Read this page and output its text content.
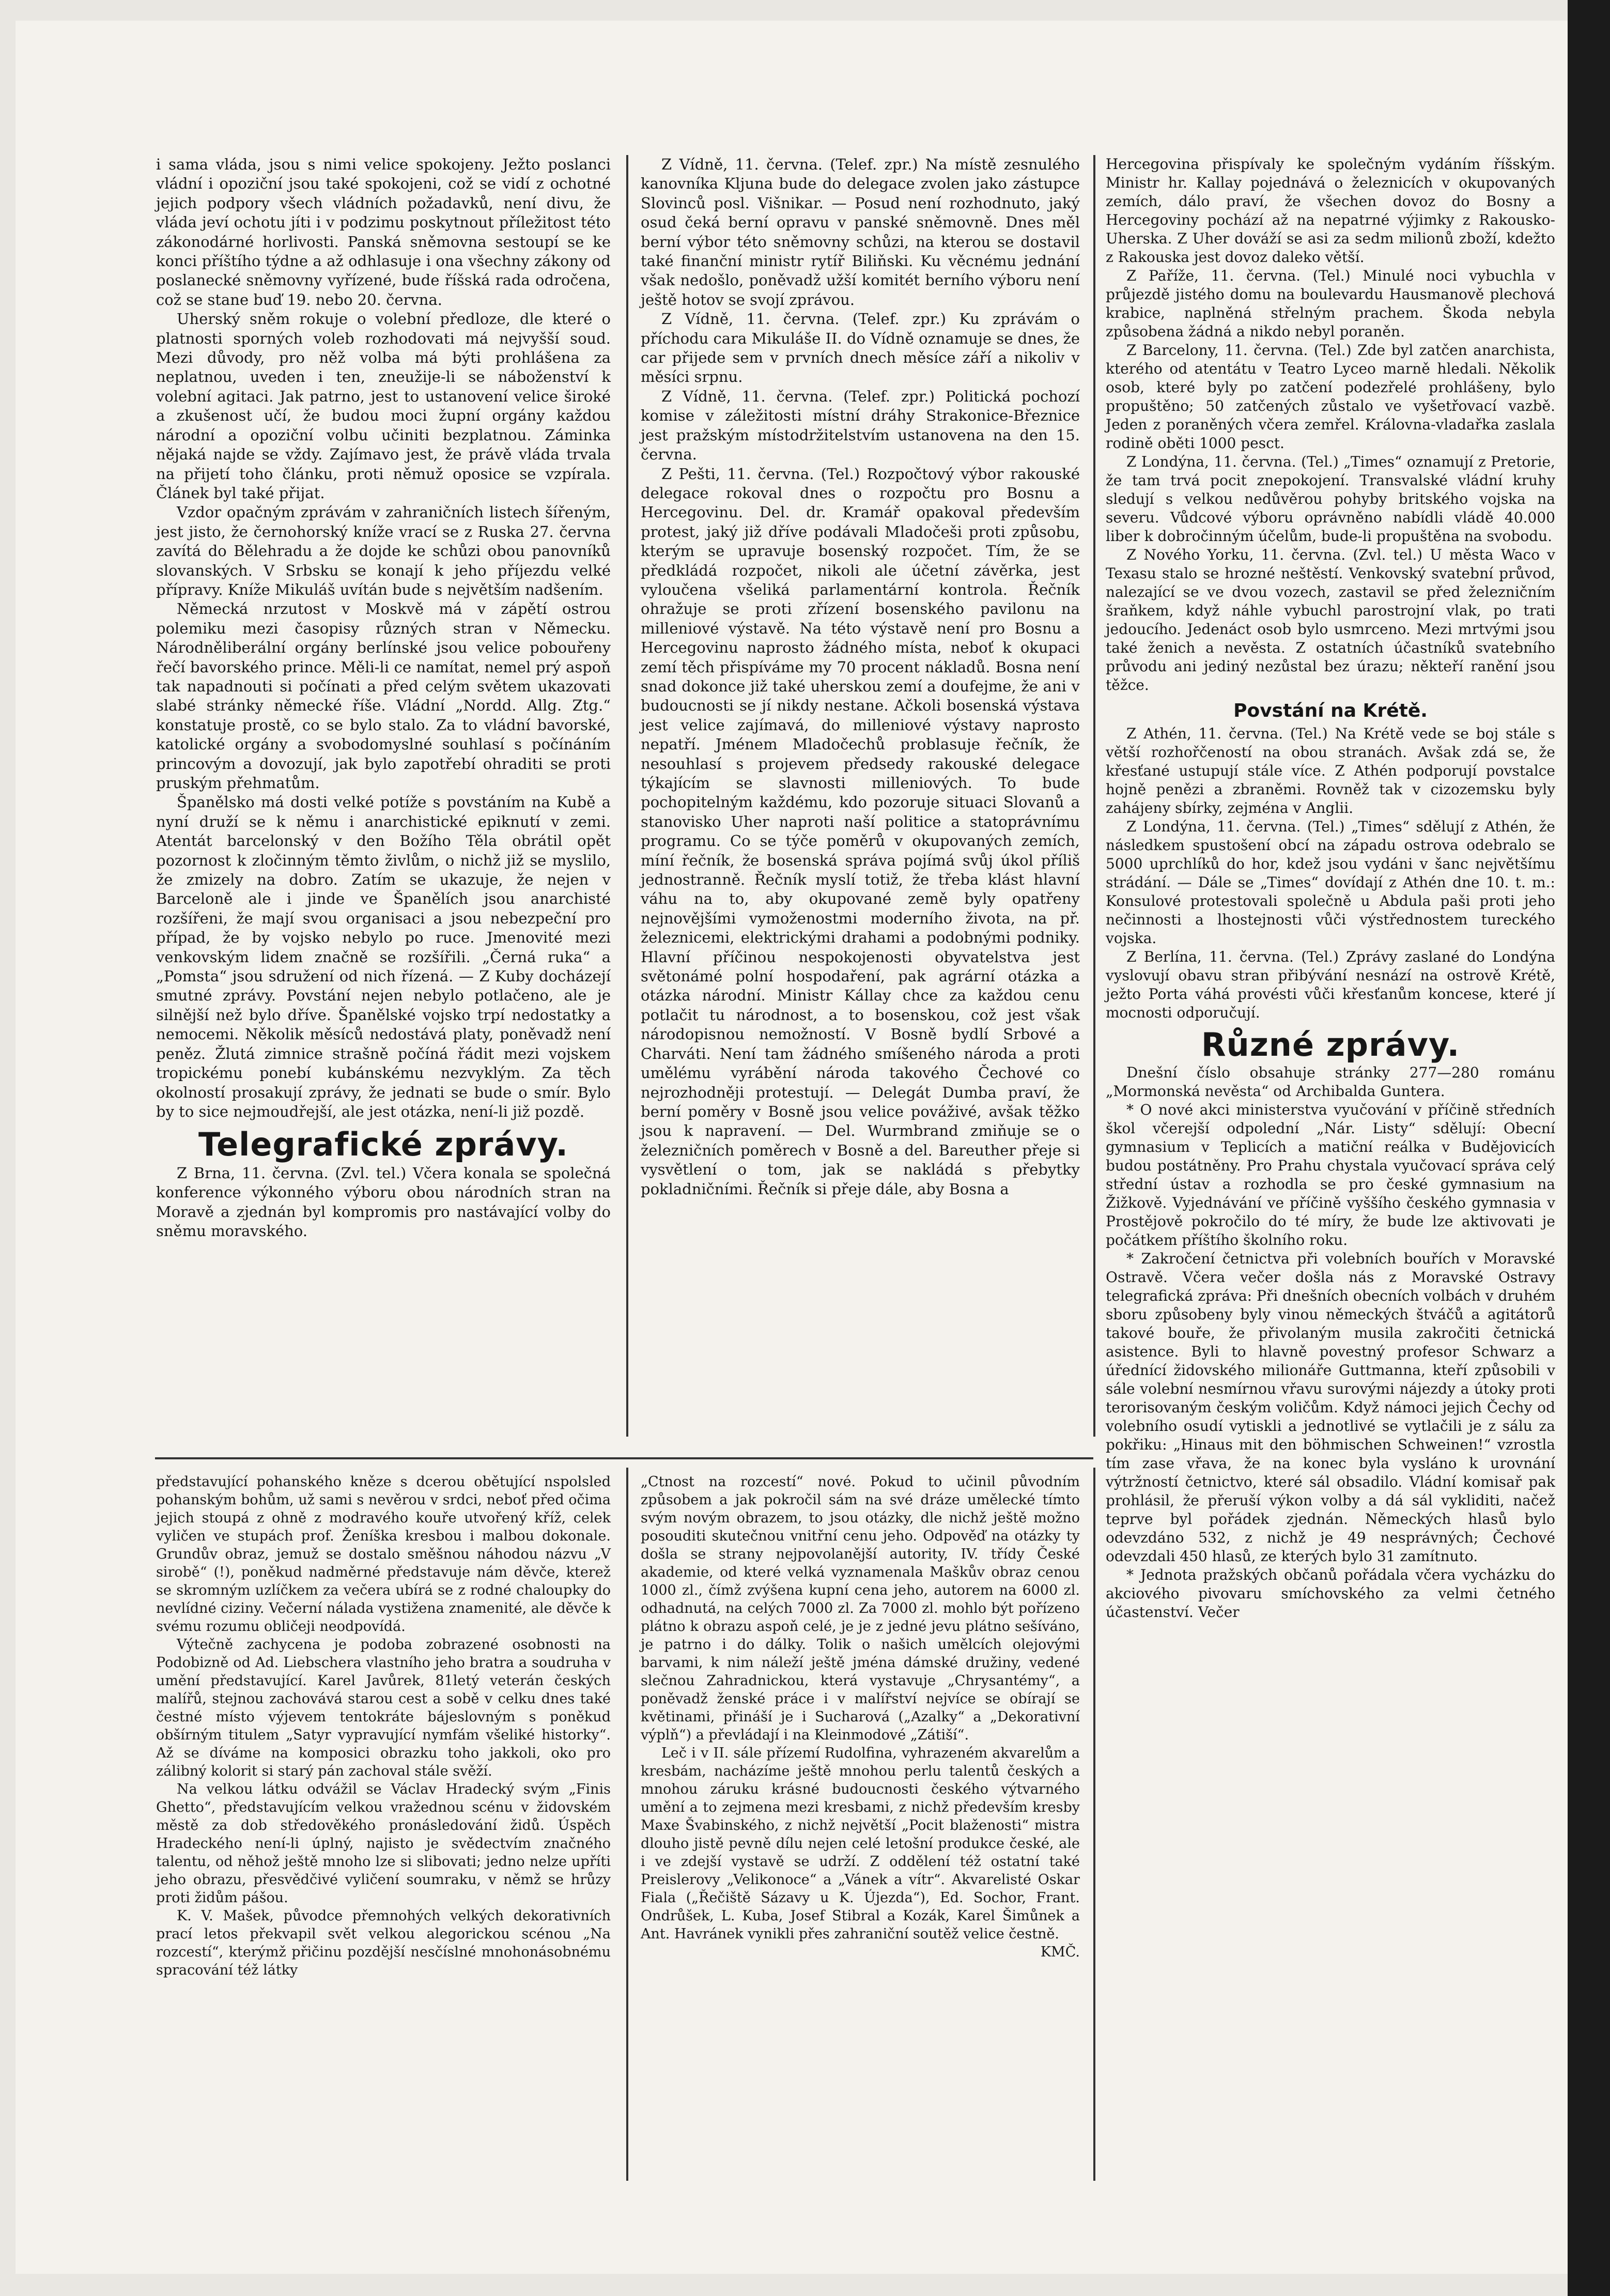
i sama vláda, jsou s nimi velice spokojeny. Ježto poslanci vládní i opoziční jsou také spokojeni, což se vidí z ochotné jejich podpory všech vládních požadavků, není divu, že vláda jeví ochotu jíti i v podzimu poskytnout příležitost této zákonodárné horlivosti. Panská sněmovna sestoupí se ke konci příštího týdne a až odhlasuje i ona všechny zákony od poslanecké sněmovny vyřízené, bude říšská rada odročena, což se stane buď 19. nebo 20. června.

Uherský sněm rokuje o volební předloze, dle které o platnosti sporných voleb rozhodovati má nejvyšší soud. Mezi důvody, pro něž volba má býti prohlášena za neplatnou, uveden i ten, zneužije-li se náboženství k volební agitaci. Jak patrno, jest to ustanovení velice široké a zkušenost učí, že budou moci župní orgány každou národní a opoziční volbu učiniti bezplatnou. Záminka nějaká najde se vždy. Zajímavo jest, že právě vláda trvala na přijetí toho článku, proti němuž oposice se vzpírala. Článek byl také přijat.

Vzdor opačným zprávám v zahraničních listech šířeným, jest jisto, že černohorský kníže vrací se z Ruska 27. června zavítá do Bělehradu a že dojde ke schůzi obou panovníků slovanských. V Srbsku se konají k jeho příjezdu velké přípravy. Kníže Mikuláš uvítán bude s největším nadšením.

Německá nrzutost v Moskvě má v zápětí ostrou polemiku mezi časopisy různých stran v Německu. Národněliberální orgány berlínské jsou velice pobouřeny řečí bavorského prince. Měli-li ce namítat, nemel prý aspoň tak napadnouti si počínati a před celým světem ukazovati slabé stránky německé říše. Vládní „Nordd. Allg. Ztg.“ konstatuje prostě, co se bylo stalo. Za to vládní bavorské, katolické orgány a svobodomyslné souhlasí s počínáním princovým a dovozují, jak bylo zapotřebí ohraditi se proti pruským přehmatům.

Španělsko má dosti velké potíže s povstáním na Kubě a nyní druží se k němu i anarchistické epiknutí v zemi. Atentát barcelonský v den Božího Těla obrátil opět pozornost k zločinným těmto živlům, o nichž již se myslilo, že zmizely na dobro. Zatím se ukazuje, že nejen v Barceloně ale i jinde ve Španělích jsou anarchisté rozšířeni, že mají svou organisaci a jsou nebezpeční pro případ, že by vojsko nebylo po ruce. Jmenovité mezi venkovským lidem značně se rozšířili. „Černá ruka“ a „Pomsta“ jsou sdružení od nich řízená. — Z Kuby docházejí smutné zprávy. Povstání nejen nebylo potlačeno, ale je silnější než bylo dříve. Španělské vojsko trpí nedostatky a nemocemi. Několik měsíců nedostává platy, poněvadž není peněz. Žlutá zimnice strašně počíná řádit mezi vojskem tropickému ponebí kubánskému nezvyklým. Za těch okolností prosakují zprávy, že jednati se bude o smír. Bylo by to sice nejmoudřejší, ale jest otázka, není-li již pozdě.

Telegrafické zprávy.

Z Brna, 11. června. (Zvl. tel.) Včera konala se společná konference výkonného výboru obou národních stran na Moravě a zjednán byl kompromis pro nastávající volby do sněmu moravského.

Z Vídně, 11. června. (Telef. zpr.) Na místě zesnulého kanovníka Kljuna bude do delegace zvolen jako zástupce Slovinců posl. Višnikar. — Posud není rozhodnuto, jaký osud čeká berní opravu v panské sněmovně. Dnes měl berní výbor této sněmovny schůzi, na kterou se dostavil také finanční ministr rytíř Biliňski. Ku věcnému jednání však nedošlo, poněvadž užší komitét berního výboru není ještě hotov se svojí zprávou.

Z Vídně, 11. června. (Telef. zpr.) Ku zprávám o příchodu cara Mikuláše II. do Vídně oznamuje se dnes, že car přijede sem v prvních dnech měsíce září a nikoliv v měsíci srpnu.

Z Vídně, 11. června. (Telef. zpr.) Politická pochozí komise v záležitosti místní dráhy Strakonice-Březnice jest pražským místodržitelstvím ustanovena na den 15. června.

Z Pešti, 11. června. (Tel.) Rozpočtový výbor rakouské delegace rokoval dnes o rozpočtu pro Bosnu a Hercegovinu. Del. dr. Kramář opakoval především protest, jaký již dříve podávali Mladočeši proti způsobu, kterým se upravuje bosenský rozpočet. Tím, že se předkládá rozpočet, nikoli ale účetní závěrka, jest vyloučena všeliká parlamentární kontrola. Řečník ohražuje se proti zřízení bosenského pavilonu na milleniové výstavě. Na této výstavě není pro Bosnu a Hercegovinu naprosto žádného místa, neboť k okupaci zemí těch přispíváme my 70 procent nákladů. Bosna není snad dokonce již také uherskou zemí a doufejme, že ani v budoucnosti se jí nikdy nestane. Ačkoli bosenská výstava jest velice zajímavá, do milleniové výstavy naprosto nepatří. Jménem Mladočechů problasuje řečník, že nesouhlasí s projevem předsedy rakouské delegace týkajícím se slavnosti milleniových. To bude pochopitelným každému, kdo pozoruje situaci Slovanů a stanovisko Uher naproti naší politice a statoprávnímu programu. Co se týče poměrů v okupovaných zemích, míní řečník, že bosenská správa pojímá svůj úkol příliš jednostranně. Řečník myslí totiž, že třeba klást hlavní váhu na to, aby okupované země byly opatřeny nejnovějšími vymoženostmi moderního života, na př. železnicemi, elektrickými drahami a podobnými podniky. Hlavní příčinou nespokojenosti obyvatelstva jest světonámé polní hospodaření, pak agrární otázka a otázka národní. Ministr Kállay chce za každou cenu potlačit tu národnost, a to bosenskou, což jest však národopisnou nemožností. V Bosně bydlí Srbové a Charváti. Není tam žádného smíšeného národa a proti umělému vyrábění národa takového Čechové co nejrozhodněji protestují. — Delegát Dumba praví, že berní poměry v Bosně jsou velice pováživé, avšak těžko jsou k napravení. — Del. Wurmbrand zmiňuje se o železničních poměrech v Bosně a del. Bareuther přeje si vysvětlení o tom, jak se nakládá s přebytky pokladničními. Řečník si přeje dále, aby Bosna a

Hercegovina přispívaly ke společným vydáním říšským. Ministr hr. Kallay pojednává o železnicích v okupovaných zemích, dálo praví, že všechen dovoz do Bosny a Hercegoviny pochází až na nepatrné výjimky z Rakousko-Uherska. Z Uher dováží se asi za sedm milionů zboží, kdežto z Rakouska jest dovoz daleko větší.

Z Paříže, 11. června. (Tel.) Minulé noci vybuchla v průjezdě jistého domu na boulevardu Hausmanově plechová krabice, naplněná střelným prachem. Škoda nebyla způsobena žádná a nikdo nebyl poraněn.

Z Barcelony, 11. června. (Tel.) Zde byl zatčen anarchista, kterého od atentátu v Teatro Lyceo marně hledali. Několik osob, které byly po zatčení podezřelé prohlášeny, bylo propuštěno; 50 zatčených zůstalo ve vyšetřovací vazbě. Jeden z poraněných včera zemřel. Královna-vladařka zaslala rodině oběti 1000 pesct.

Z Londýna, 11. června. (Tel.) „Times“ oznamují z Pretorie, že tam trvá pocit znepokojení. Transvalské vládní kruhy sledují s velkou nedůvěrou pohyby britského vojska na severu. Vůdcové výboru oprávněno nabídli vládě 40.000 liber k dobročinným účelům, bude-li propuštěna na svobodu.

Z Nového Yorku, 11. června. (Zvl. tel.) U města Waco v Texasu stalo se hrozné neštěstí. Venkovský svatební průvod, nalezající se ve dvou vozech, zastavil se před železničním šraňkem, když náhle vybuchl parostrojní vlak, po trati jedoucího. Jedenáct osob bylo usmrceno. Mezi mrtvými jsou také ženich a nevěsta. Z ostatních účastníků svatebního průvodu ani jediný nezůstal bez úrazu; někteří ranění jsou těžce.

Povstání na Krétě.

Z Athén, 11. června. (Tel.) Na Krétě vede se boj stále s větší rozhořčeností na obou stranách. Avšak zdá se, že křesťané ustupují stále více. Z Athén podporují povstalce hojně penězi a zbraněmi. Rovněž tak v cizozemsku byly zahájeny sbírky, zejména v Anglii.

Z Londýna, 11. června. (Tel.) „Times“ sdělují z Athén, že následkem spustošení obcí na západu ostrova odebralo se 5000 uprchlíků do hor, kdež jsou vydáni v šanc největšímu strádání. — Dále se „Times“ dovídají z Athén dne 10. t. m.: Konsulové protestovali společně u Abdula paši proti jeho nečinnosti a lhostejnosti vůči výstřednostem tureckého vojska.

Z Berlína, 11. června. (Tel.) Zprávy zaslané do Londýna vyslovují obavu stran přibývání nesnází na ostrově Krétě, ježto Porta váhá provésti vůči křesťanům koncese, které jí mocnosti odporučují.

Různé zprávy.

Dnešní číslo obsahuje stránky 277—280 románu „Mormonská nevěsta“ od Archibalda Guntera.

* O nové akci ministerstva vyučování v příčině středních škol včerejší odpolední „Nár. Listy“ sdělují: Obecní gymnasium v Teplicích a matiční reálka v Budějovicích budou postátněny. Pro Prahu chystala vyučovací správa celý střední ústav a rozhodla se pro české gymnasium na Žižkově. Vyjednávání ve příčině vyššího českého gymnasia v Prostějově pokročilo do té míry, že bude lze aktivovati je počátkem příštího školního roku.

* Zakročení četnictva při volebních bouřích v Moravské Ostravě. Včera večer došla nás z Moravské Ostravy telegrafická zpráva: Při dnešních obecních volbách v druhém sboru způsobeny byly vinou německých štváčů a agitátorů takové bouře, že přivolaným musila zakročiti četnická asistence. Byli to hlavně povestný profesor Schwarz a úřednící židovského milionáře Guttmanna, kteří způsobili v sále volební nesmírnou vřavu surovými nájezdy a útoky proti terorisovaným českým voličům. Když námoci jejich Čechy od volebního osudí vytiskli a jednotlivé se vytlačili je z sálu za pokřiku: „Hinaus mit den böhmischen Schweinen!“ vzrostla tím zase vřava, že na konec byla vysláno k urovnání výtržností četnictvo, které sál obsadilo. Vládní komisař pak prohlásil, že přeruší výkon volby a dá sál vykliditi, načež teprve byl pořádek zjednán. Německých hlasů bylo odevzdáno 532, z nichž je 49 nesprávných; Čechové odevzdali 450 hlasů, ze kterých bylo 31 zamítnuto.

* Jednota pražských občanů pořádala včera vycházku do akciového pivovaru smíchovského za velmi četného účastenství. Večer

představující pohanského kněze s dcerou obětující nspolsled pohanským bohům, už sami s nevěrou v srdci, neboť před očima jejich stoupá z ohně z modravého kouře utvořený kříž, celek vyličen ve stupách prof. Ženíška kresbou i malbou dokonale. Grundův obraz, jemuž se dostalo směšnou náhodou názvu „V sirobě“ (!), poněkud nadměrné představuje nám děvče, kterež se skromným uzlíčkem za večera ubírá se z rodné chaloupky do nevlídné ciziny. Večerní nálada vystižena znamenité, ale děvče k svému rozumu obličeji neodpovídá.

Výtečně zachycena je podoba zobrazené osobnosti na Podobizně od Ad. Liebschera vlastního jeho bratra a soudruha v umění představující. Karel Javůrek, 81letý veterán českých malířů, stejnou zachovává starou cest a sobě v celku dnes také čestné místo výjevem tentokráte bájeslovným s poněkud obšírným titulem „Satyr vypravující nymfám všeliké historky“. Až se díváme na komposici obrazku toho jakkoli, oko pro zálibný kolorit si starý pán zachoval stále svěží.

Na velkou látku odvážil se Václav Hradecký svým „Finis Ghetto“, představujícím velkou vražednou scénu v židovském městě za dob středověkého pronásledování židů. Úspěch Hradeckého není-li úplný, najisto je svědectvím značného talentu, od něhož ještě mnoho lze si slibovati; jedno nelze upříti jeho obrazu, přesvědčivé vyličení soumraku, v němž se hrůzy proti židům pášou.

K. V. Mašek, původce přemnohých velkých dekorativních prací letos překvapil svět velkou alegorickou scénou „Na rozcestí“, kterýmž přičinu pozdější nesčíslné mnohonásobnému spracování též látky

„Ctnost na rozcestí“ nové. Pokud to učinil původním způsobem a jak pokročil sám na své dráze umělecké tímto svým novým obrazem, to jsou otázky, dle nichž ještě možno posouditi skutečnou vnitřní cenu jeho. Odpověď na otázky ty došla se strany nejpovolanější autority, IV. třídy České akademie, od které velká vyznamenala Maškův obraz cenou 1000 zl., čímž zvýšena kupní cena jeho, autorem na 6000 zl. odhadnutá, na celých 7000 zl. Za 7000 zl. mohlo být pořízeno plátno k obrazu aspoň celé, je je z jedné jevu plátno sešíváno, je patrno i do dálky. Tolik o našich umělcích olejovými barvami, k nim náleží ještě jména dámské družiny, vedené slečnou Zahradnickou, která vystavuje „Chrysantémy“, a poněvadž ženské práce i v malířství nejvíce se obírají se květinami, přináší je i Sucharová („Azalky“ a „Dekorativní výplň“) a převládají i na Kleinmodové „Zátiší“.

Leč i v II. sále přízemí Rudolfina, vyhrazeném akvarelům a kresbám, nacházíme ještě mnohou perlu talentů českých a mnohou záruku krásné budoucnosti českého výtvarného umění a to zejmena mezi kresbami, z nichž především kresby Maxe Švabinského, z nichž největší „Pocit blaženosti“ mistra dlouho jistě pevně dílu nejen celé letošní produkce české, ale i ve zdejší vystavě se udrží. Z oddělení též ostatní také Preislerovy „Velikonoce“ a „Vánek a vítr“. Akvarelisté Oskar Fiala („Řečiště Sázavy u K. Újezda“), Ed. Sochor, Frant. Ondrůšek, L. Kuba, Josef Stibral a Kozák, Karel Šimůnek a Ant. Havránek vynikli přes zahraniční soutěž velice čestně.

KMČ.
